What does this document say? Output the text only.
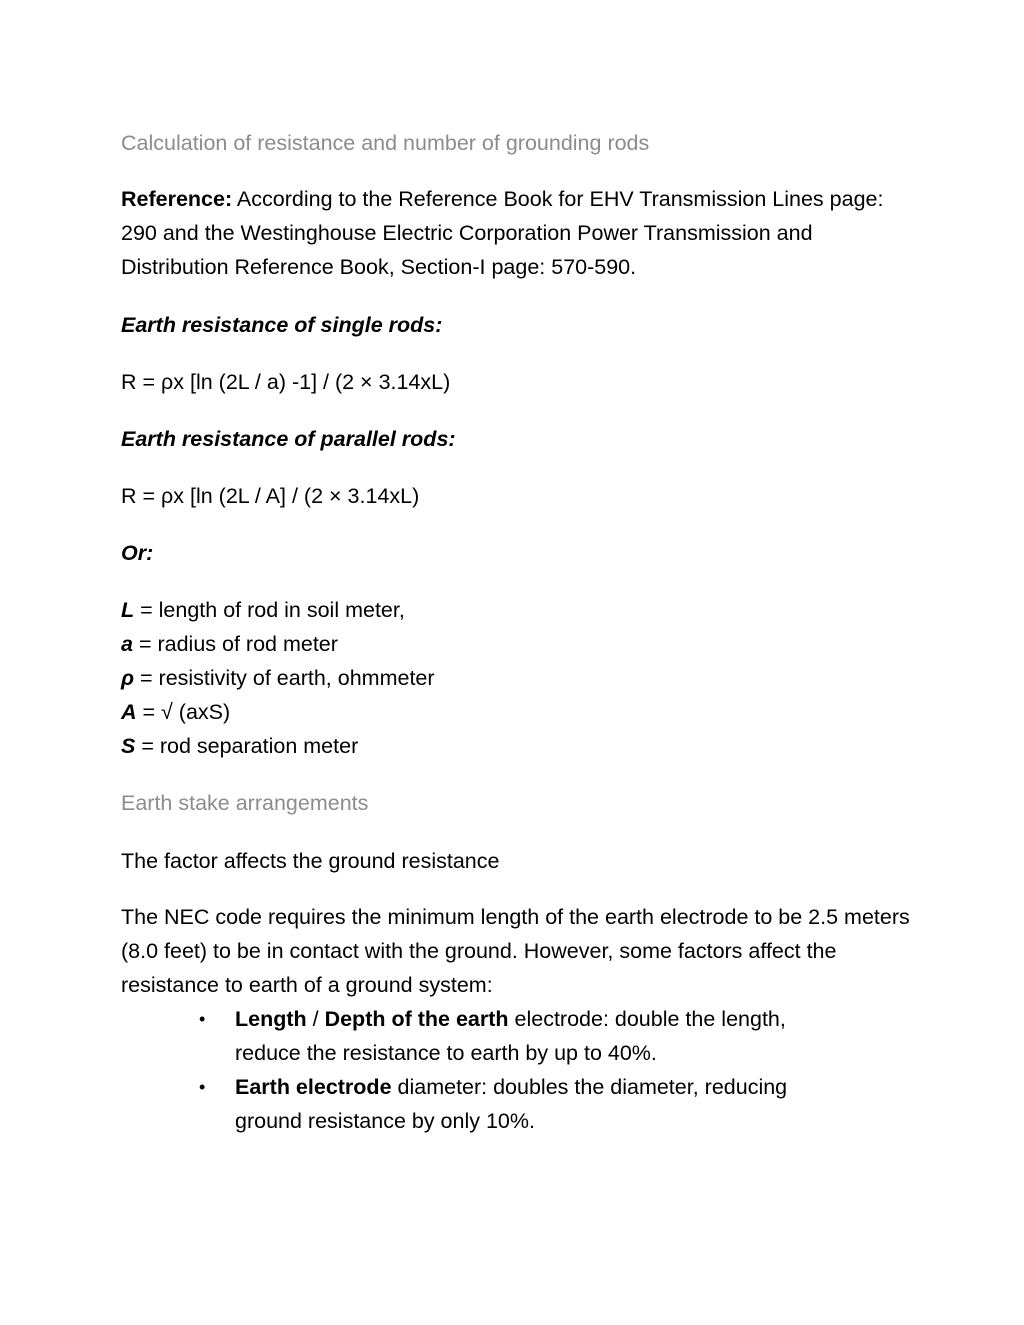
Calculation of resistance and number of grounding rods

Reference: According to the Reference Book for EHV Transmission Lines page: 290 and the Westinghouse Electric Corporation Power Transmission and Distribution Reference Book, Section-I page: 570-590.

Earth resistance of single rods:

R = ρx [ln (2L / a) -1] / (2 × 3.14xL)

Earth resistance of parallel rods:

R = ρx [ln (2L / A] / (2 × 3.14xL)

Or:

L = length of rod in soil meter,
a = radius of rod meter
ρ = resistivity of earth, ohmmeter
A = √ (axS)
S = rod separation meter

Earth stake arrangements

The factor affects the ground resistance

The NEC code requires the minimum length of the earth electrode to be 2.5 meters (8.0 feet) to be in contact with the ground. However, some factors affect the resistance to earth of a ground system:

• Length / Depth of the earth electrode: double the length, reduce the resistance to earth by up to 40%.
• Earth electrode diameter: doubles the diameter, reducing ground resistance by only 10%.
